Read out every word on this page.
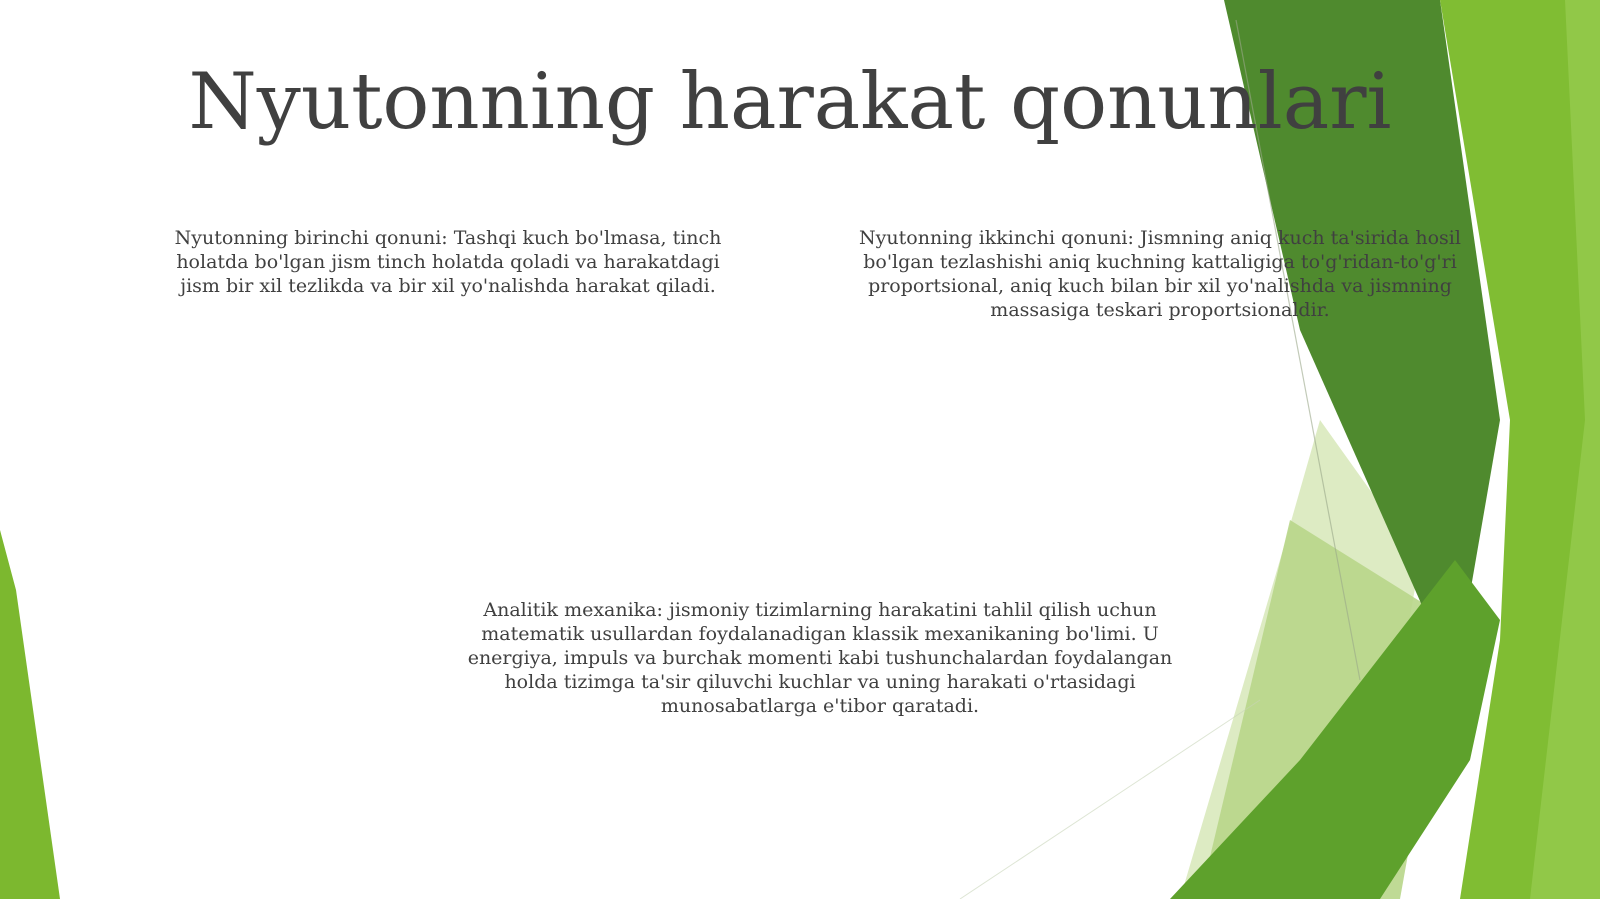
Nyutonning harakat qonunlari

Nyutonning birinchi qonuni: Tashqi kuch bo'lmasa, tinch holatda bo'lgan jism tinch holatda qoladi va harakatdagi jism bir xil tezlikda va bir xil yo'nalishda harakat qiladi.

Nyutonning ikkinchi qonuni: Jismning aniq kuch ta'sirida hosil bo'lgan tezlashishi aniq kuchning kattaligiga to'g'ridan-to'g'ri proportsional, aniq kuch bilan bir xil yo'nalishda va jismning massasiga teskari proportsionaldir.

Analitik mexanika: jismoniy tizimlarning harakatini tahlil qilish uchun matematik usullardan foydalanadigan klassik mexanikaning bo'limi. U energiya, impuls va burchak momenti kabi tushunchalardan foydalangan holda tizimga ta'sir qiluvchi kuchlar va uning harakati o'rtasidagi munosabatlarga e'tibor qaratadi.
